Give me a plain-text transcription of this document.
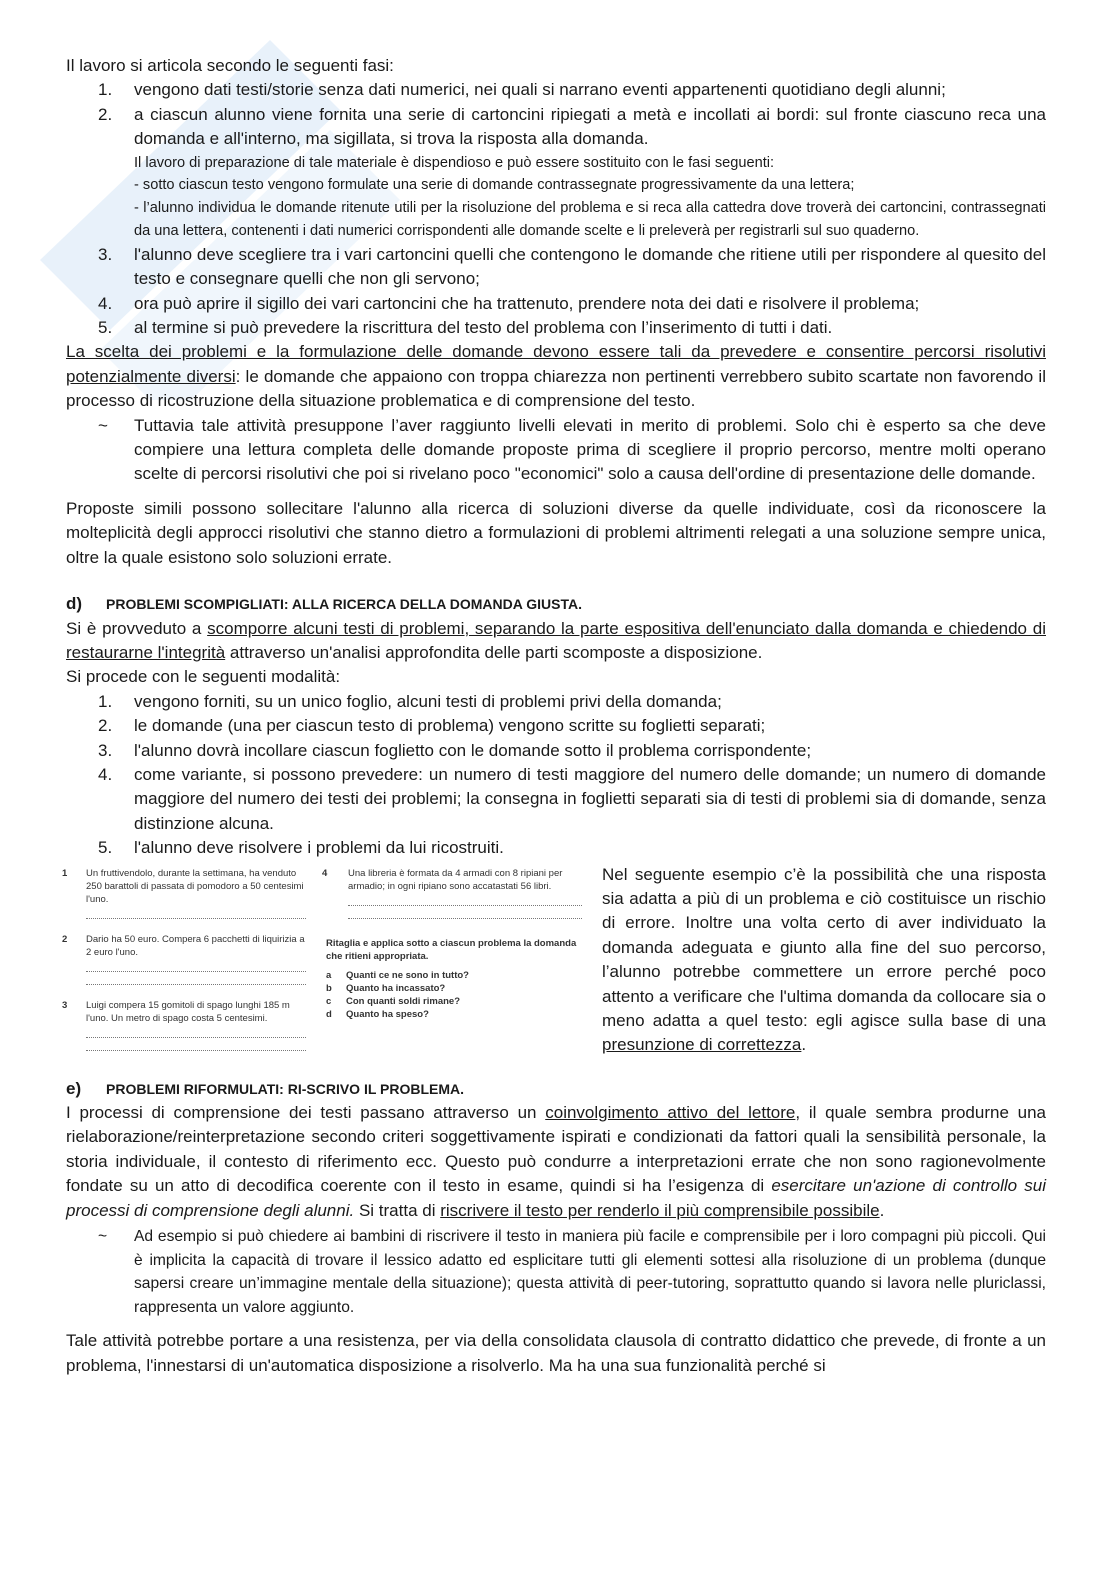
Il lavoro si articola secondo le seguenti fasi:

1. vengono dati testi/storie senza dati numerici, nei quali si narrano eventi appartenenti quotidiano degli alunni;
2. a ciascun alunno viene fornita una serie di cartoncini ripiegati a metà e incollati ai bordi: sul fronte ciascuno reca una domanda e all'interno, ma sigillata, si trova la risposta alla domanda.
Il lavoro di preparazione di tale materiale è dispendioso e può essere sostituito con le fasi seguenti:
- sotto ciascun testo vengono formulate una serie di domande contrassegnate progressivamente da una lettera;
- l’alunno individua le domande ritenute utili per la risoluzione del problema e si reca alla cattedra dove troverà dei cartoncini, contrassegnati da una lettera, contenenti i dati numerici corrispondenti alle domande scelte e li preleverà per registrarli sul suo quaderno.
3. l'alunno deve scegliere tra i vari cartoncini quelli che contengono le domande che ritiene utili per rispondere al quesito del testo e consegnare quelli che non gli servono;
4. ora può aprire il sigillo dei vari cartoncini che ha trattenuto, prendere nota dei dati e risolvere il problema;
5. al termine si può prevedere la riscrittura del testo del problema con l’inserimento di tutti i dati.

La scelta dei problemi e la formulazione delle domande devono essere tali da prevedere e consentire percorsi risolutivi potenzialmente diversi: le domande che appaiono con troppa chiarezza non pertinenti verrebbero subito scartate non favorendo il processo di ricostruzione della situazione problematica e di comprensione del testo.

~ Tuttavia tale attività presuppone l’aver raggiunto livelli elevati in merito di problemi. Solo chi è esperto sa che deve compiere una lettura completa delle domande proposte prima di scegliere il proprio percorso, mentre molti operano scelte di percorsi risolutivi che poi si rivelano poco "economici" solo a causa dell'ordine di presentazione delle domande.

Proposte simili possono sollecitare l'alunno alla ricerca di soluzioni diverse da quelle individuate, così da riconoscere la molteplicità degli approcci risolutivi che stanno dietro a formulazioni di problemi altrimenti relegati a una soluzione sempre unica, oltre la quale esistono solo soluzioni errate.

d) PROBLEMI SCOMPIGLIATI: ALLA RICERCA DELLA DOMANDA GIUSTA.

Si è provveduto a scomporre alcuni testi di problemi, separando la parte espositiva dell'enunciato dalla domanda e chiedendo di restaurarne l'integrità attraverso un'analisi approfondita delle parti scomposte a disposizione.

Si procede con le seguenti modalità:

1. vengono forniti, su un unico foglio, alcuni testi di problemi privi della domanda;
2. le domande (una per ciascun testo di problema) vengono scritte su foglietti separati;
3. l'alunno dovrà incollare ciascun foglietto con le domande sotto il problema corrispondente;
4. come variante, si possono prevedere: un numero di testi maggiore del numero delle domande; un numero di domande maggiore del numero dei testi dei problemi; la consegna in foglietti separati sia di testi di problemi sia di domande, senza distinzione alcuna.
5. l'alunno deve risolvere i problemi da lui ricostruiti.
1 Un fruttivendolo, durante la settimana, ha venduto 250 barattoli di passata di pomodoro a 50 centesimi l'uno.
2 Dario ha 50 euro. Compera 6 pacchetti di liquirizia a 2 euro l'uno.
3 Luigi compera 15 gomitoli di spago lunghi 185 m l'uno. Un metro di spago costa 5 centesimi.
4 Una libreria è formata da 4 armadi con 8 ripiani per armadio; in ogni ripiano sono accatastati 56 libri.
Ritaglia e applica sotto a ciascun problema la domanda che ritieni appropriata.
a Quanti ce ne sono in tutto?
b Quanto ha incassato?
c Con quanti soldi rimane?
d Quanto ha speso?

Nel seguente esempio c’è la possibilità che una risposta sia adatta a più di un problema e ciò costituisce un rischio di errore. Inoltre una volta certo di aver individuato la domanda adeguata e giunto alla fine del suo percorso, l’alunno potrebbe commettere un errore perché poco attento a verificare che l'ultima domanda da collocare sia o meno adatta a quel testo: egli agisce sulla base di una presunzione di correttezza.

e) PROBLEMI RIFORMULATI: RI-SCRIVO IL PROBLEMA.

I processi di comprensione dei testi passano attraverso un coinvolgimento attivo del lettore, il quale sembra produrne una rielaborazione/reinterpretazione secondo criteri soggettivamente ispirati e condizionati da fattori quali la sensibilità personale, la storia individuale, il contesto di riferimento ecc. Questo può condurre a interpretazioni errate che non sono ragionevolmente fondate su un atto di decodifica coerente con il testo in esame, quindi si ha l’esigenza di esercitare un'azione di controllo sui processi di comprensione degli alunni. Si tratta di riscrivere il testo per renderlo il più comprensibile possibile.

~ Ad esempio si può chiedere ai bambini di riscrivere il testo in maniera più facile e comprensibile per i loro compagni più piccoli. Qui è implicita la capacità di trovare il lessico adatto ed esplicitare tutti gli elementi sottesi alla risoluzione di un problema (dunque sapersi creare un’immagine mentale della situazione); questa attività di peer-tutoring, soprattutto quando si lavora nelle pluriclassi, rappresenta un valore aggiunto.

Tale attività potrebbe portare a una resistenza, per via della consolidata clausola di contratto didattico che prevede, di fronte a un problema, l'innestarsi di un'automatica disposizione a risolverlo. Ma ha una sua funzionalità perché si
